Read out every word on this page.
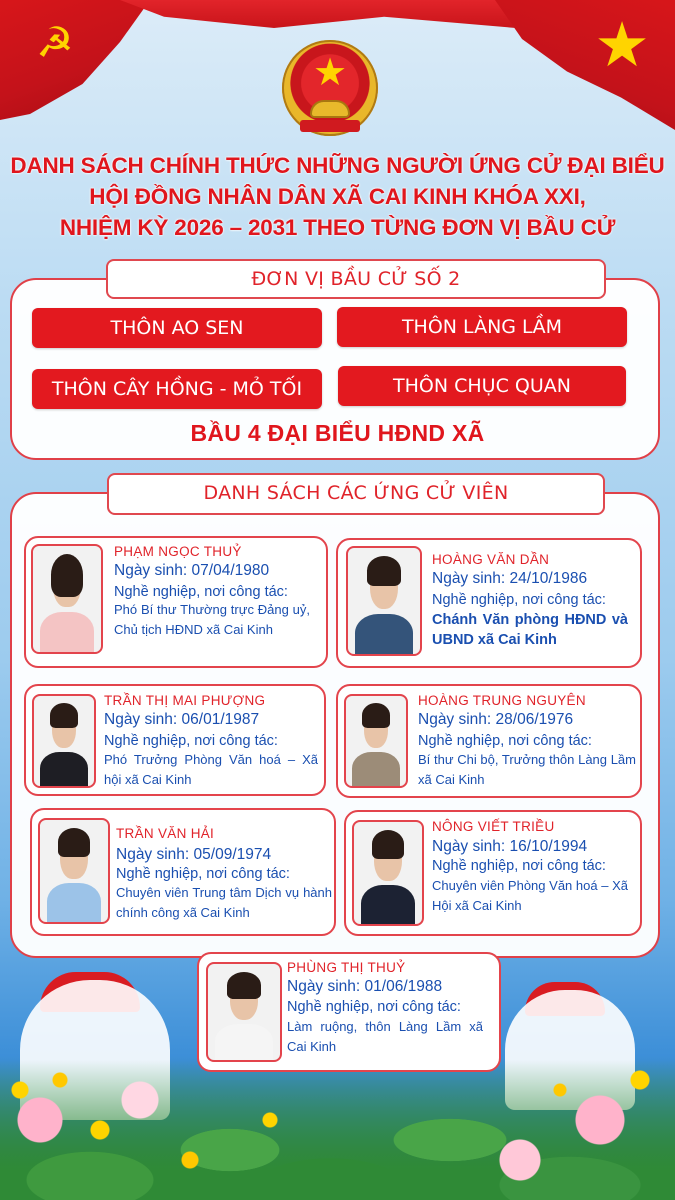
☭	★
★
DANH SÁCH CHÍNH THỨC NHỮNG NGƯỜI ỨNG CỬ ĐẠI BIỂU
HỘI ĐỒNG NHÂN DÂN XÃ CAI KINH KHÓA XXI,
NHIỆM KỲ 2026 – 2031 THEO TỪNG ĐƠN VỊ BẦU CỬ
ĐƠN VỊ BẦU CỬ SỐ 2
THÔN AO SEN	THÔN LÀNG LẦM
THÔN CÂY HỒNG - MỎ TỐI	THÔN CHỤC QUAN
BẦU 4 ĐẠI BIỂU HĐND XÃ
DANH SÁCH CÁC ỨNG CỬ VIÊN
PHẠM NGỌC THUỶ
Ngày sinh: 07/04/1980
Nghề nghiệp, nơi công tác:
Phó Bí thư Thường trực Đảng uỷ, Chủ tịch HĐND xã Cai Kinh
HOÀNG VĂN DẦN
Ngày sinh: 24/10/1986
Nghề nghiệp, nơi công tác:
Chánh Văn phòng HĐND và UBND xã Cai Kinh
TRẦN THỊ MAI PHƯỢNG
Ngày sinh: 06/01/1987
Nghề nghiệp, nơi công tác:
Phó Trưởng Phòng Văn hoá – Xã hội xã Cai Kinh
HOÀNG TRUNG NGUYÊN
Ngày sinh: 28/06/1976
Nghề nghiệp, nơi công tác:
Bí thư Chi bộ, Trưởng thôn Làng Lầm xã Cai Kinh
TRẦN VĂN HẢI
Ngày sinh: 05/09/1974
Nghề nghiệp, nơi công tác:
Chuyên viên Trung tâm Dịch vụ hành chính công xã Cai Kinh
NÔNG VIẾT TRIỀU
Ngày sinh: 16/10/1994
Nghề nghiệp, nơi công tác:
Chuyên viên Phòng Văn hoá – Xã Hội xã Cai Kinh
PHÙNG THỊ THUỶ
Ngày sinh: 01/06/1988
Nghề nghiệp, nơi công tác:
Làm ruộng, thôn Làng Lầm xã Cai Kinh
